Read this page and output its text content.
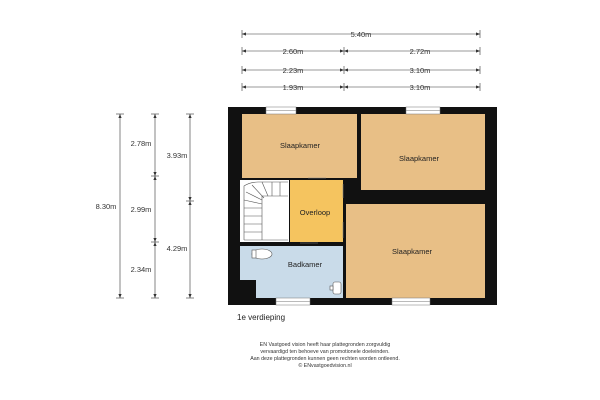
5.40m
2.60m	2.72m
2.23m	3.10m
1.93m	3.10m
8.30m
2.78m
2.99m
2.34m
3.93m
4.29m
Slaapkamer
Slaapkamer
Slaapkamer
Overloop
Badkamer
1e verdieping
EN Vastgoed vision heeft haar plattegronden zorgvuldig
vervaardigd ten behoeve van promotionele doeleinden.
Aan deze plattegronden kunnen geen rechten worden ontleend.
© ENvastgoedvision.nl
